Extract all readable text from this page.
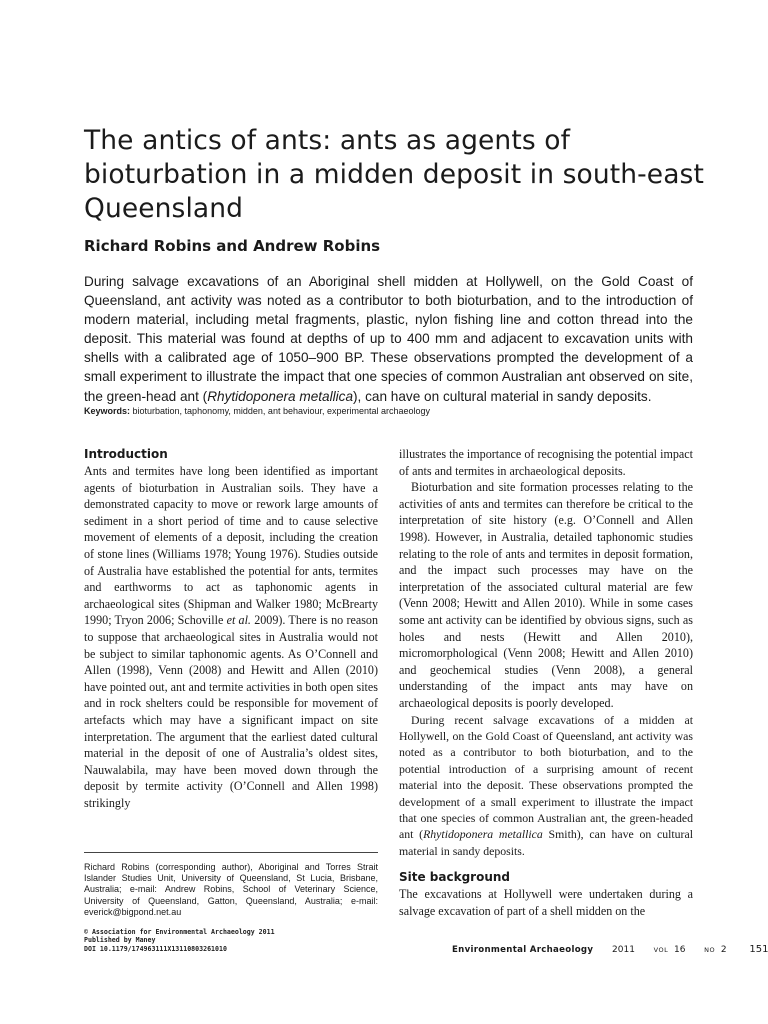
The antics of ants: ants as agents of bioturbation in a midden deposit in south-east Queensland

Richard Robins and Andrew Robins

During salvage excavations of an Aboriginal shell midden at Hollywell, on the Gold Coast of Queensland, ant activity was noted as a contributor to both bioturbation, and to the introduction of modern material, including metal fragments, plastic, nylon fishing line and cotton thread into the deposit. This material was found at depths of up to 400 mm and adjacent to excavation units with shells with a calibrated age of 1050–900 BP. These observations prompted the development of a small experiment to illustrate the impact that one species of common Australian ant observed on site, the green-head ant (Rhytidoponera metallica), can have on cultural material in sandy deposits.

Keywords: bioturbation, taphonomy, midden, ant behaviour, experimental archaeology

Introduction

Ants and termites have long been identified as important agents of bioturbation in Australian soils. They have a demonstrated capacity to move or rework large amounts of sediment in a short period of time and to cause selective movement of elements of a deposit, including the creation of stone lines (Williams 1978; Young 1976). Studies outside of Australia have established the potential for ants, termites and earthworms to act as taphonomic agents in archaeological sites (Shipman and Walker 1980; McBrearty 1990; Tryon 2006; Schoville et al. 2009). There is no reason to suppose that archaeological sites in Australia would not be subject to similar taphonomic agents. As O’Connell and Allen (1998), Venn (2008) and Hewitt and Allen (2010) have pointed out, ant and termite activities in both open sites and in rock shelters could be responsible for movement of artefacts which may have a significant impact on site interpretation. The argument that the earliest dated cultural material in the deposit of one of Australia’s oldest sites, Nauwalabila, may have been moved down through the deposit by termite activity (O’Connell and Allen 1998) strikingly

illustrates the importance of recognising the potential impact of ants and termites in archaeological deposits.

Bioturbation and site formation processes relating to the activities of ants and termites can therefore be critical to the interpretation of site history (e.g. O’Connell and Allen 1998). However, in Australia, detailed taphonomic studies relating to the role of ants and termites in deposit formation, and the impact such processes may have on the interpretation of the associated cultural material are few (Venn 2008; Hewitt and Allen 2010). While in some cases some ant activity can be identified by obvious signs, such as holes and nests (Hewitt and Allen 2010), micromorphological (Venn 2008; Hewitt and Allen 2010) and geochemical studies (Venn 2008), a general understanding of the impact ants may have on archaeological deposits is poorly developed.

During recent salvage excavations of a midden at Hollywell, on the Gold Coast of Queensland, ant activity was noted as a contributor to both bioturbation, and to the potential introduction of a surprising amount of recent material into the deposit. These observations prompted the development of a small experiment to illustrate the impact that one species of common Australian ant, the green-headed ant (Rhytidoponera metallica Smith), can have on cultural material in sandy deposits.

Site background

The excavations at Hollywell were undertaken during a salvage excavation of part of a shell midden on the

Richard Robins (corresponding author), Aboriginal and Torres Strait Islander Studies Unit, University of Queensland, St Lucia, Brisbane, Australia; e-mail: Andrew Robins, School of Veterinary Science, University of Queensland, Gatton, Queensland, Australia; e-mail: everick@bigpond.net.au

© Association for Environmental Archaeology 2011
Published by Maney
DOI 10.1179/174963111X13110803261010	Environmental Archaeology 2011	VOL 16	NO 2 151
